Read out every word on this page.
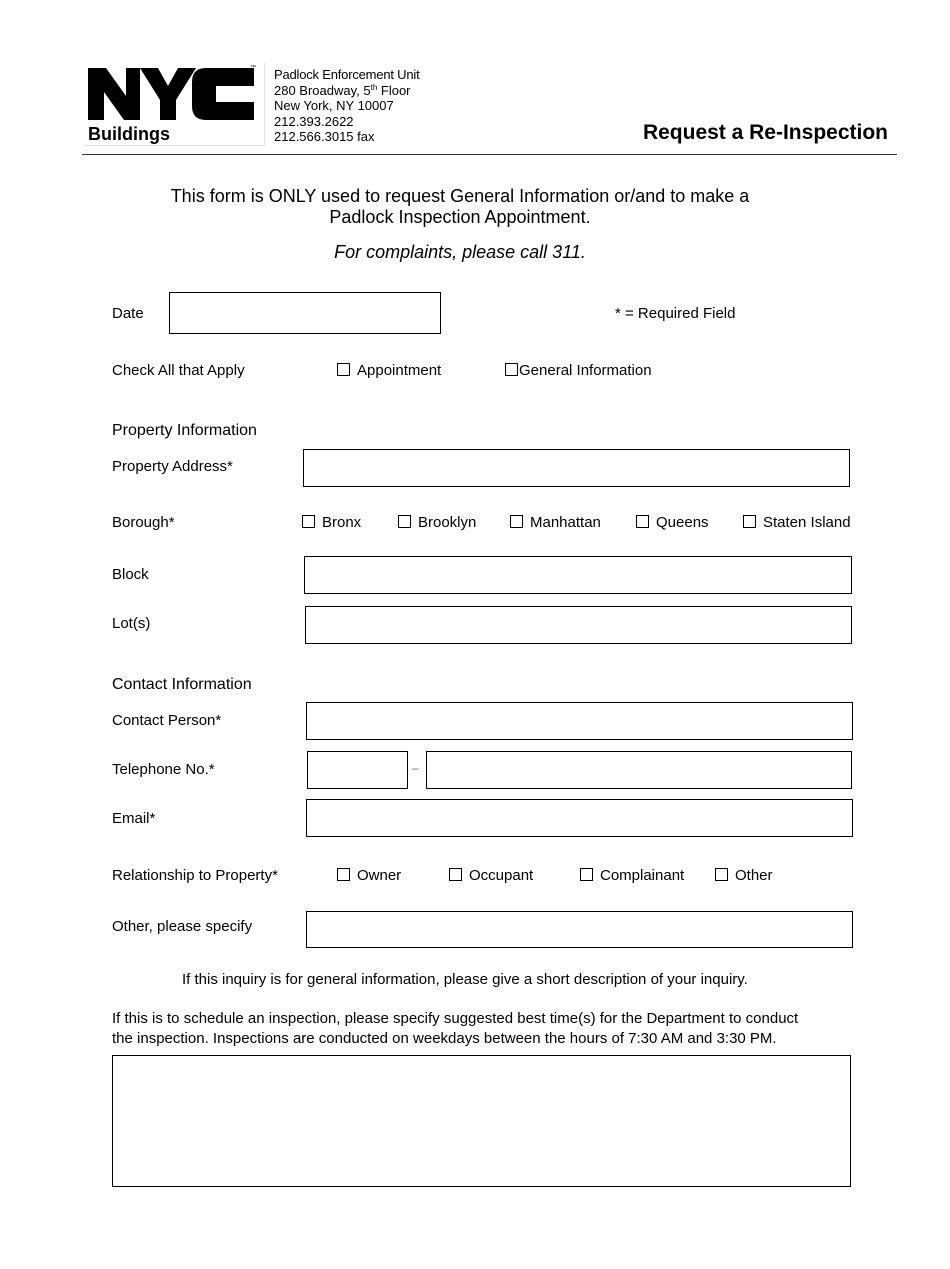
™
Buildings
Padlock Enforcement Unit
280 Broadway, 5th Floor
New York, NY 10007
212.393.2622
212.566.3015 fax	Request a Re-Inspection
This form is ONLY used to request General Information or/and to make a
Padlock Inspection Appointment.
For complaints, please call 311.
Date	* = Required Field
Check All that Apply	Appointment	General Information
Property Information
Property Address*
Borough*	Bronx	Brooklyn	Manhattan	Queens	Staten Island
Block
Lot(s)
Contact Information
Contact Person*
Telephone No.*	–
Email*
Relationship to Property*	Owner	Occupant	Complainant	Other
Other, please specify
If this inquiry is for general information, please give a short description of your inquiry.
If this is to schedule an inspection, please specify suggested best time(s) for the Department to conduct
the inspection. Inspections are conducted on weekdays between the hours of 7:30 AM and 3:30 PM.
